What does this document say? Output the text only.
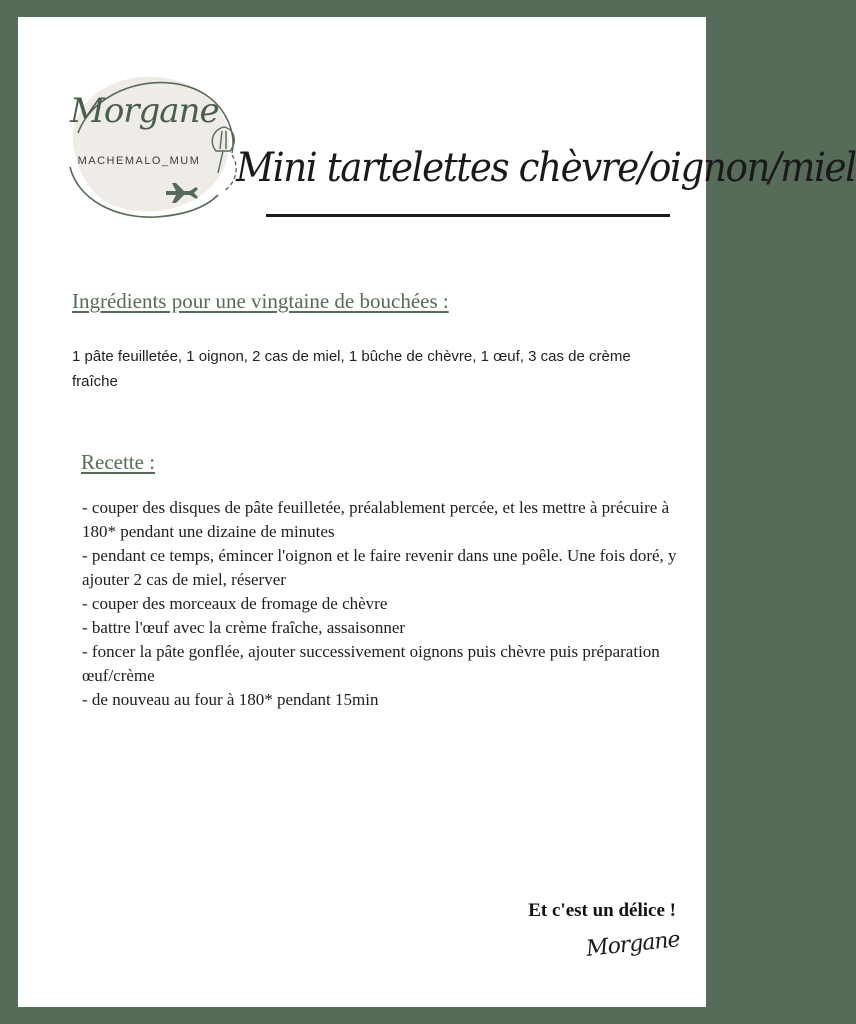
Morgane
MACHEMALO_MUM Mini tartelettes chèvre/oignon/miel
Ingrédients pour une vingtaine de bouchées :
1 pâte feuilletée, 1 oignon, 2 cas de miel, 1 bûche de chèvre, 1 œuf, 3 cas de crème fraîche
Recette :
- couper des disques de pâte feuilletée, préalablement percée, et les mettre à précuire à 180* pendant une dizaine de minutes
- pendant ce temps, émincer l'oignon et le faire revenir dans une poêle. Une fois doré, y ajouter 2 cas de miel, réserver
- couper des morceaux de fromage de chèvre
- battre l'œuf avec la crème fraîche, assaisonner
- foncer la pâte gonflée, ajouter successivement oignons puis chèvre puis préparation œuf/crème
- de nouveau au four à 180* pendant 15min
Et c'est un délice !
Morgane
